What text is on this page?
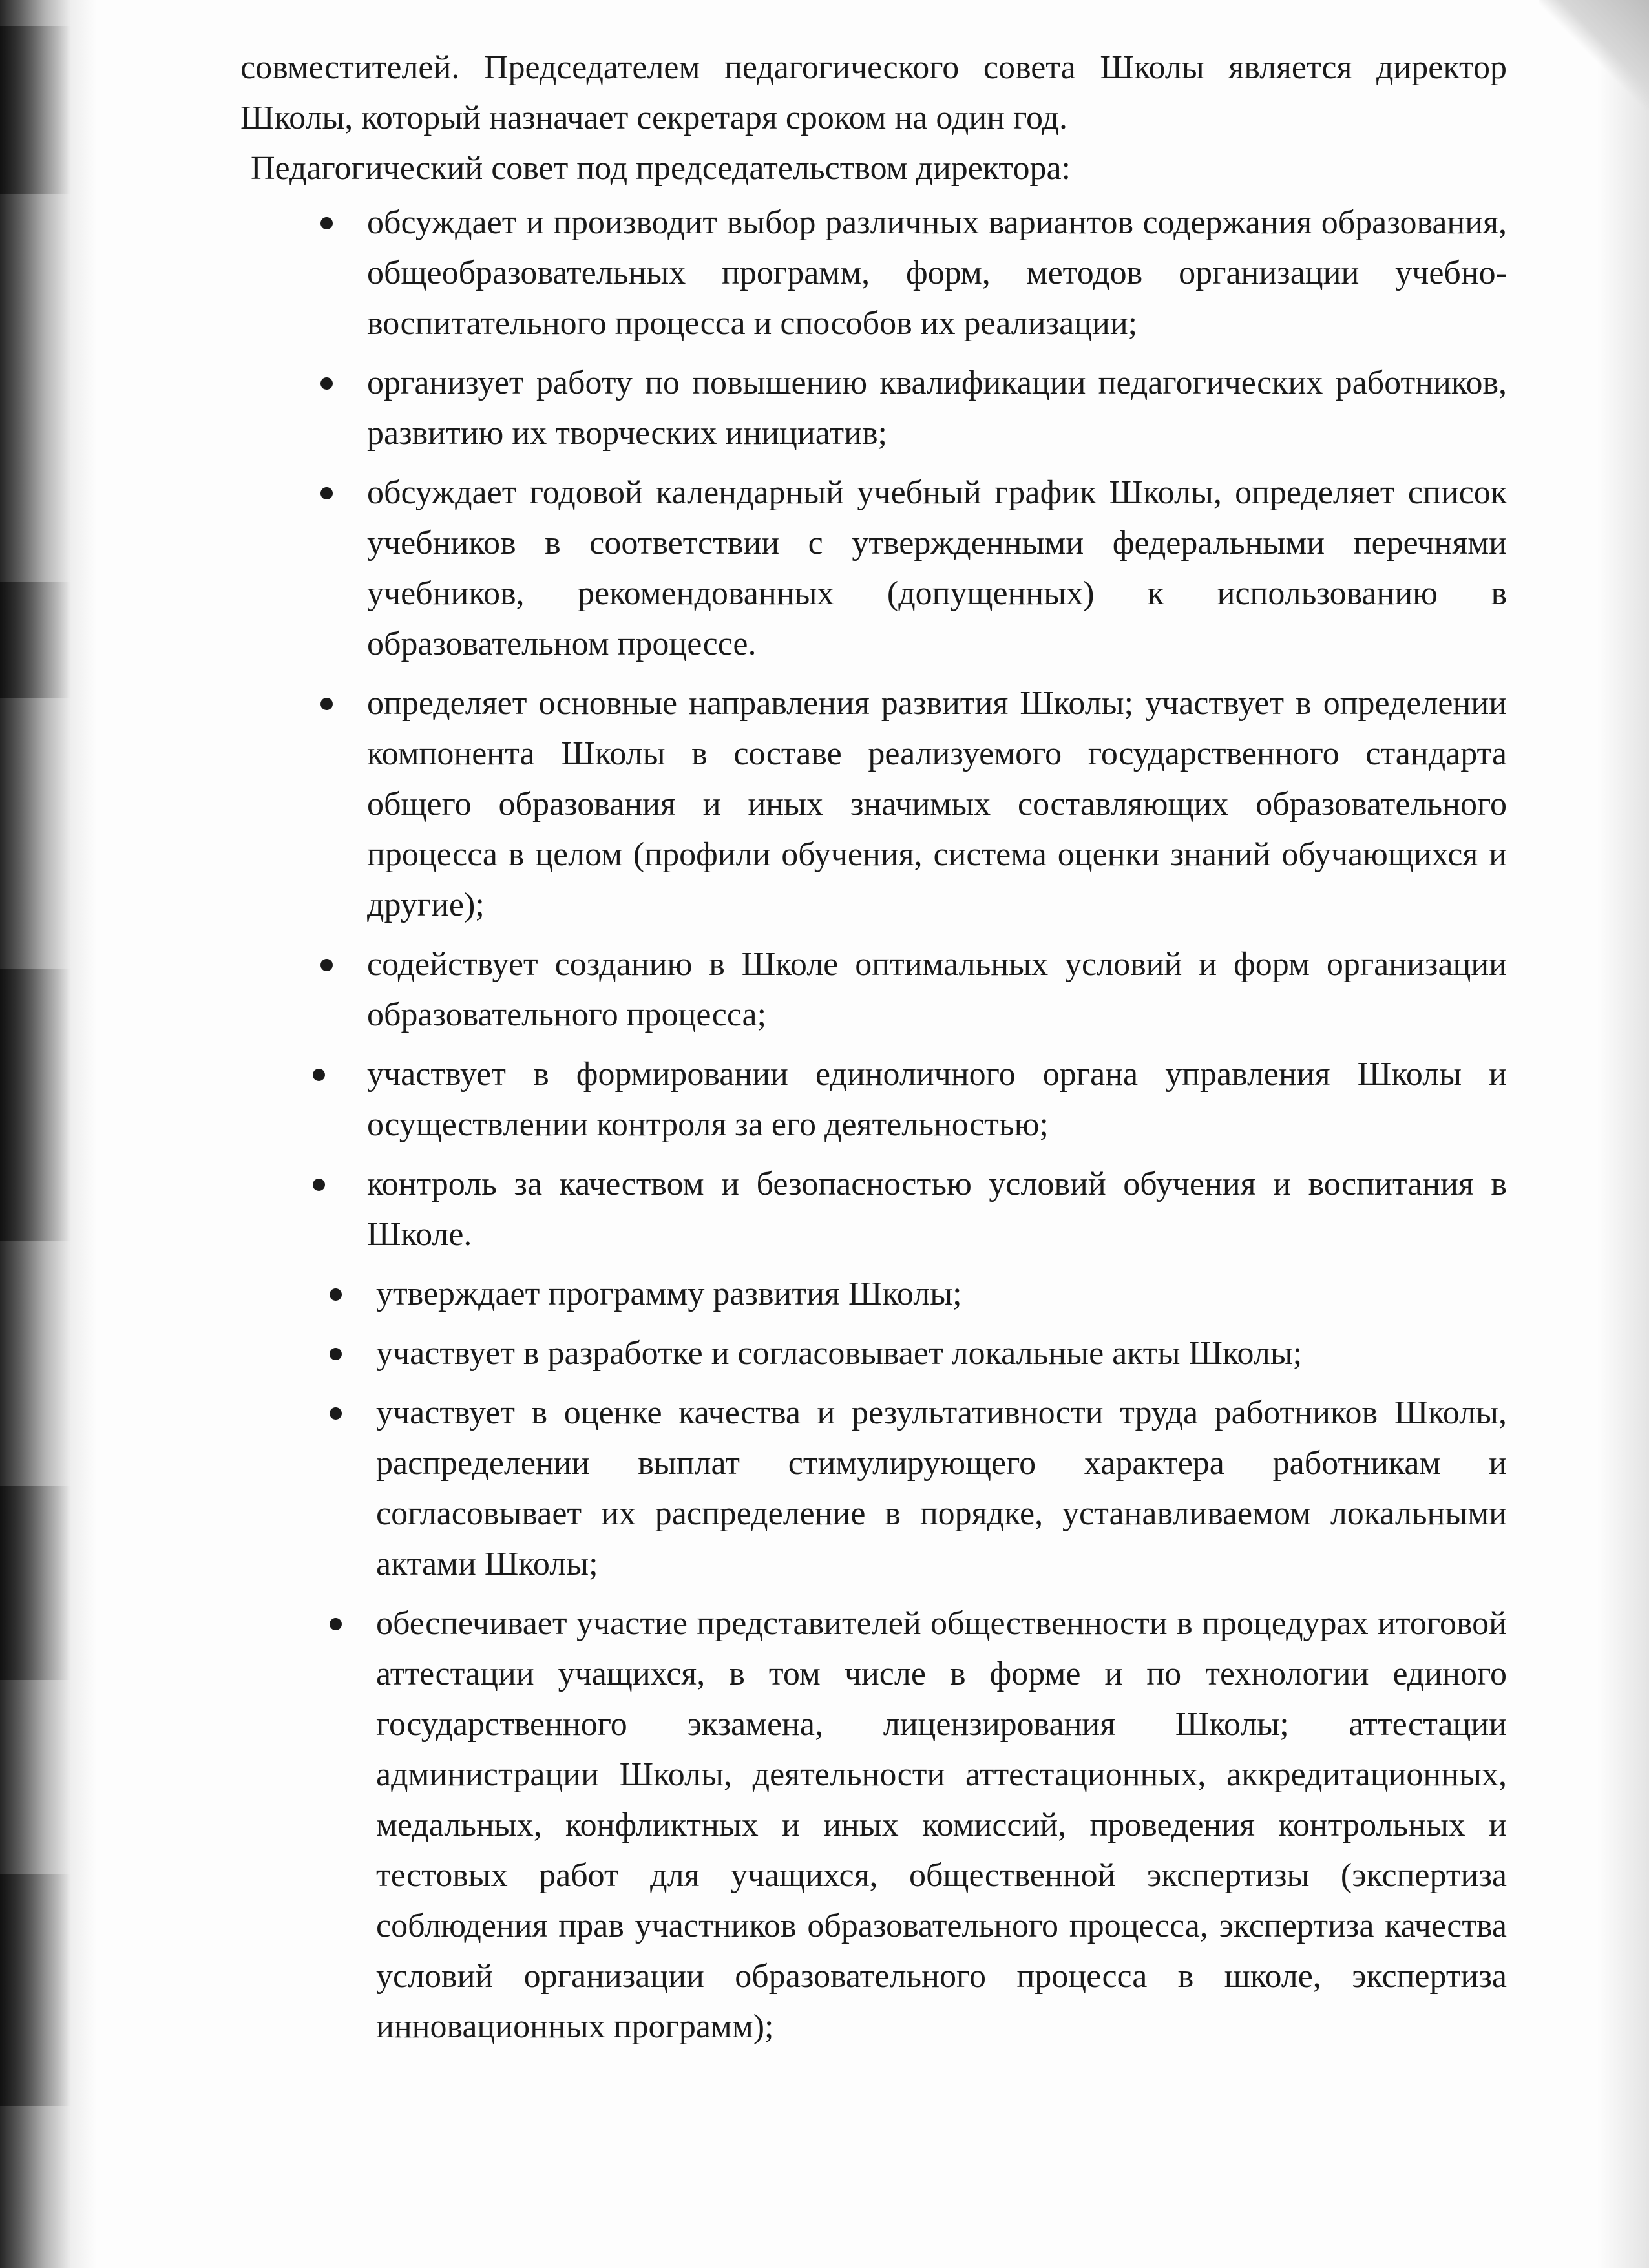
совместителей. Председателем педагогического совета Школы является директор Школы, который назначает секретаря сроком на один год.

Педагогический совет под председательством директора:

обсуждает и производит выбор различных вариантов содержания образования, общеобразовательных программ, форм, методов организации учебно-воспитательного процесса и способов их реализации;
организует работу по повышению квалификации педагогических работников, развитию их творческих инициатив;
обсуждает годовой календарный учебный график Школы, определяет список учебников в соответствии с утвержденными федеральными перечнями учебников, рекомендованных (допущенных) к использованию в образовательном процессе.
определяет основные направления развития Школы; участвует в определении компонента Школы в составе реализуемого государственного стандарта общего образования и иных значимых составляющих образовательного процесса в целом (профили обучения, система оценки знаний обучающихся и другие);
содействует созданию в Школе оптимальных условий и форм организации образовательного процесса;
участвует в формировании единоличного органа управления Школы и осуществлении контроля за его деятельностью;
контроль за качеством и безопасностью условий обучения и воспитания в Школе.
утверждает программу развития Школы;
участвует в разработке и согласовывает локальные акты Школы;
участвует в оценке качества и результативности труда работников Школы, распределении выплат стимулирующего характера работникам и согласовывает их распределение в порядке, устанавливаемом локальными актами Школы;
обеспечивает участие представителей общественности в процедурах итоговой аттестации учащихся, в том числе в форме и по технологии единого государственного экзамена, лицензирования Школы; аттестации администрации Школы, деятельности аттестационных, аккредитационных, медальных, конфликтных и иных комиссий, проведения контрольных и тестовых работ для учащихся, общественной экспертизы (экспертиза соблюдения прав участников образовательного процесса, экспертиза качества условий организации образовательного процесса в школе, экспертиза инновационных программ);
